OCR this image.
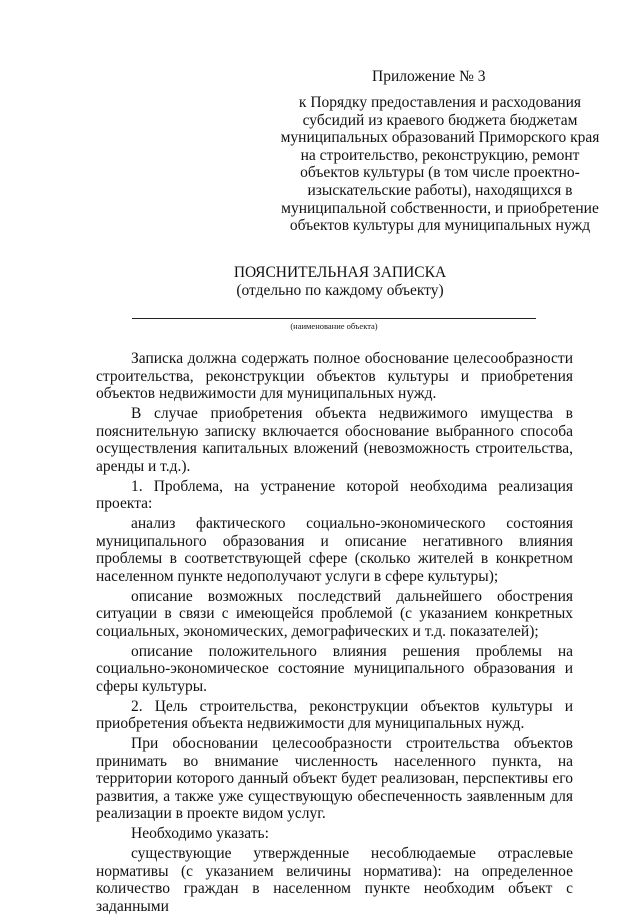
Приложение № 3
к Порядку предоставления и расходования
субсидий из краевого бюджета бюджетам
муниципальных образований Приморского края
на строительство, реконструкцию, ремонт
объектов культуры (в том числе проектно-
изыскательские работы), находящихся в
муниципальной собственности, и приобретение
объектов культуры для муниципальных нужд
ПОЯСНИТЕЛЬНАЯ ЗАПИСКА
(отдельно по каждому объекту)
(наименование объекта)

Записка должна содержать полное обоснование целесообразности строительства, реконструкции объектов культуры и приобретения объектов недвижимости для муниципальных нужд.

В случае приобретения объекта недвижимого имущества в пояснительную записку включается обоснование выбранного способа осуществления капитальных вложений (невозможность строительства, аренды и т.д.).

1. Проблема, на устранение которой необходима реализация проекта:

анализ фактического социально-экономического состояния муниципального образования и описание негативного влияния проблемы в соответствующей сфере (сколько жителей в конкретном населенном пункте недополучают услуги в сфере культуры);

описание возможных последствий дальнейшего обострения ситуации в связи с имеющейся проблемой (с указанием конкретных социальных, экономических, демографических и т.д. показателей);

описание положительного влияния решения проблемы на социально-экономическое состояние муниципального образования и сферы культуры.

2. Цель строительства, реконструкции объектов культуры и приобретения объекта недвижимости для муниципальных нужд.

При обосновании целесообразности строительства объектов принимать во внимание численность населенного пункта, на территории которого данный объект будет реализован, перспективы его развития, а также уже существующую обеспеченность заявленным для реализации в проекте видом услуг.

Необходимо указать:

существующие утвержденные несоблюдаемые отраслевые нормативы (с указанием величины норматива): на определенное количество граждан в населенном пункте необходим объект с заданными
